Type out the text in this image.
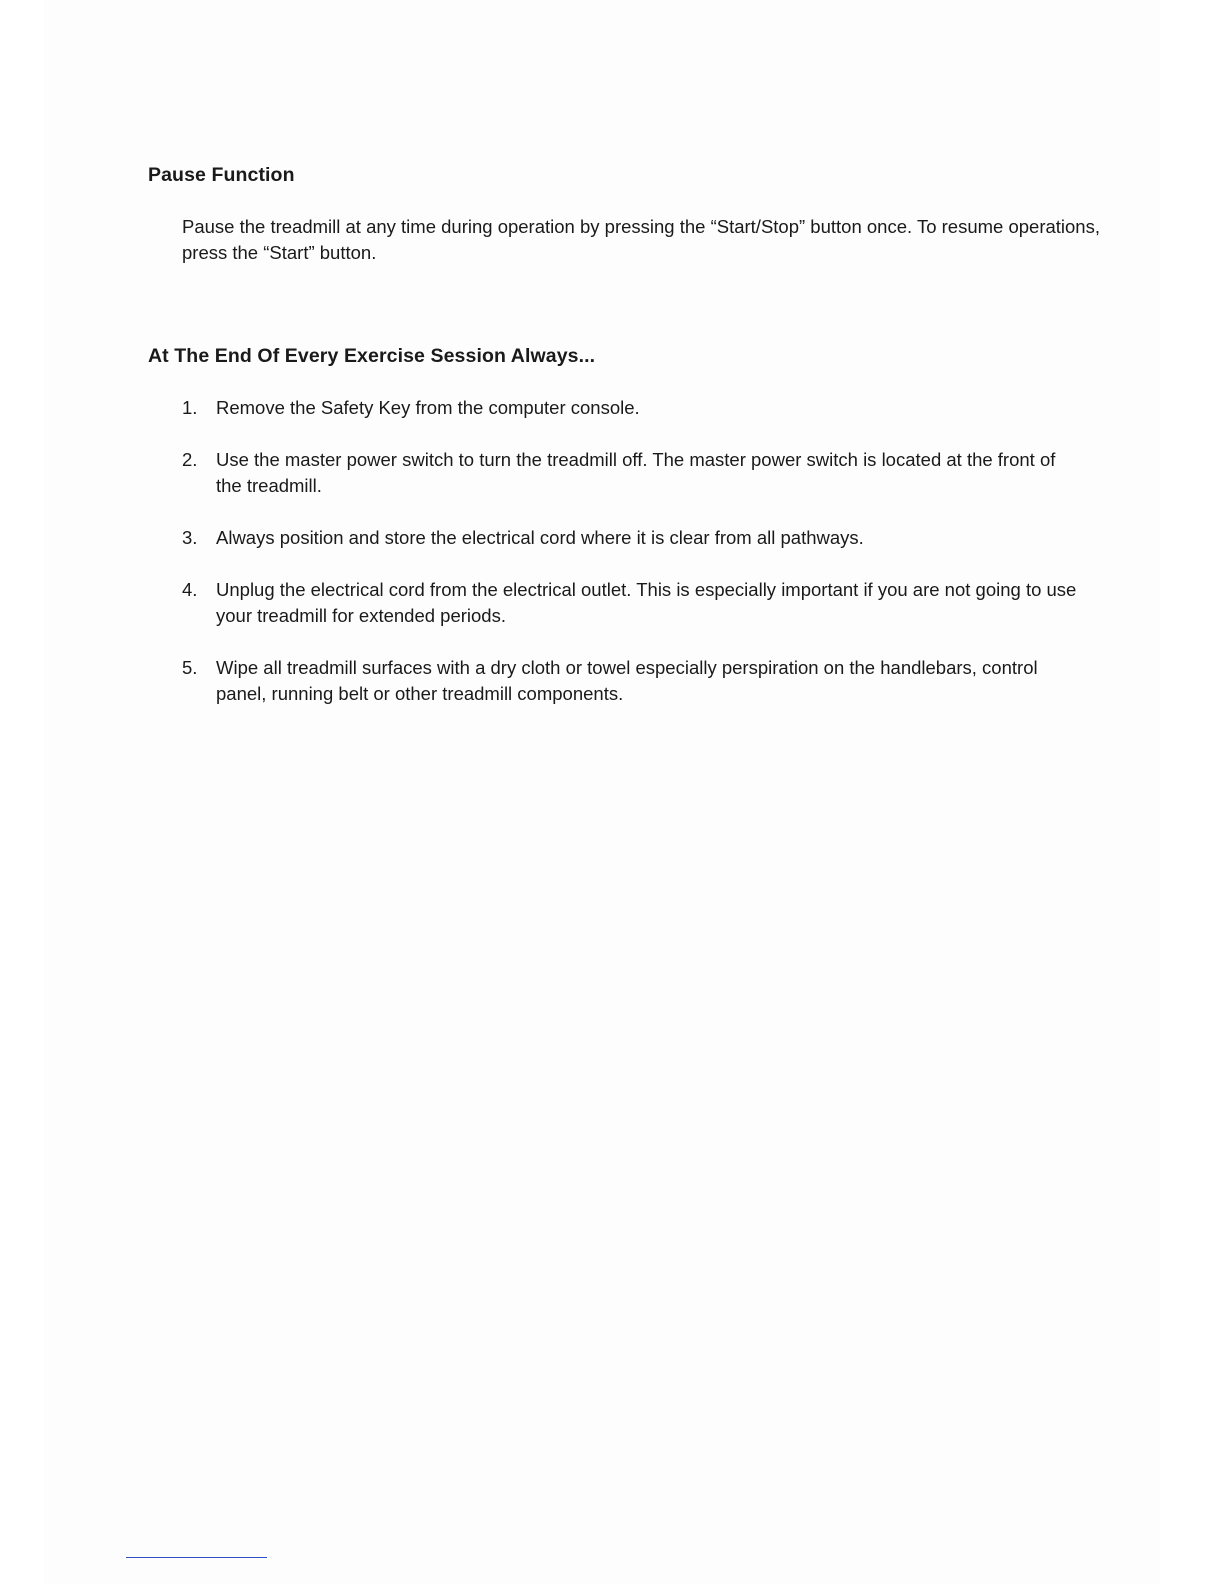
Pause Function

Pause the treadmill at any time during operation by pressing the “Start/Stop” button once. To resume operations, press the “Start” button.

At The End Of Every Exercise Session Always...
1. Remove the Safety Key from the computer console.
2. Use the master power switch to turn the treadmill off. The master power switch is located at the front of the treadmill.
3. Always position and store the electrical cord where it is clear from all pathways.
4. Unplug the electrical cord from the electrical outlet. This is especially important if you are not going to use your treadmill for extended periods.
5. Wipe all treadmill surfaces with a dry cloth or towel especially perspiration on the handlebars, control panel, running belt or other treadmill components.
